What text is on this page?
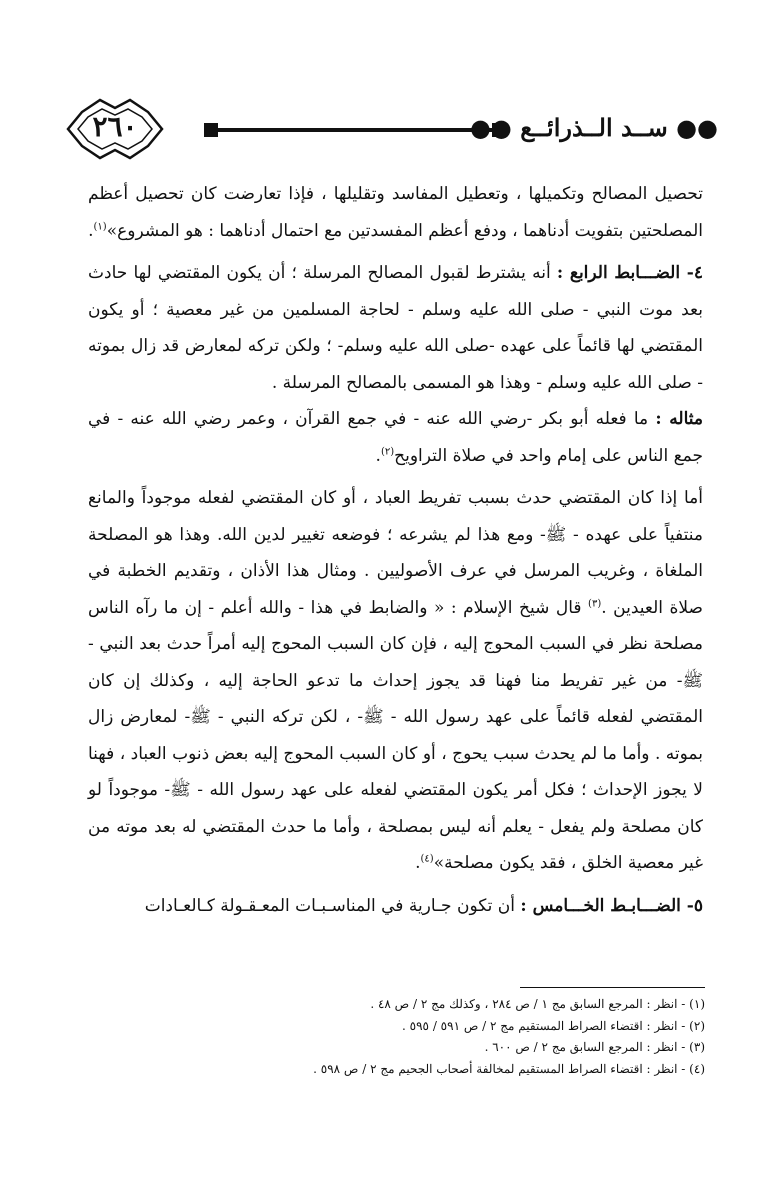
٢٦٠	●● ســد الــذرائــع ●●

تحصيل المصالح وتكميلها ، وتعطيل المفاسد وتقليلها ، فإذا تعارضت كان تحصيل أعظم المصلحتين بتفويت أدناهما ، ودفع أعظم المفسدتين مع احتمال أدناهما : هو المشروع»$^{(١)}$.

٤- الضـــابط الرابع : أنه يشترط لقبول المصالح المرسلة ؛ أن يكون المقتضي لها حادث بعد موت النبي - صلى الله عليه وسلم - لحاجة المسلمين من غير معصية ؛ أو يكون المقتضي لها قائماً على عهده -صلى الله عليه وسلم- ؛ ولكن تركه لمعارض قد زال بموته - صلى الله عليه وسلم - وهذا هو المسمى بالمصالح المرسلة .

مثاله : ما فعله أبو بكر -رضي الله عنه - في جمع القرآن ، وعمر رضي الله عنه - في جمع الناس على إمام واحد في صلاة التراويح$^{(٢)}$.

أما إذا كان المقتضي حدث بسبب تفريط العباد ، أو كان المقتضي لفعله موجوداً والمانع منتفياً على عهده - ﷺ- ومع هذا لم يشرعه ؛ فوضعه تغيير لدين الله. وهذا هو المصلحة الملغاة ، وغريب المرسل في عرف الأصوليين . ومثال هذا الأذان ، وتقديم الخطبة في صلاة العيدين .$^{(٣)}$ قال شيخ الإسلام : « والضابط في هذا - والله أعلم - إن ما رآه الناس مصلحة نظر في السبب المحوج إليه ، فإن كان السبب المحوج إليه أمراً حدث بعد النبي - ﷺ- من غير تفريط منا فهنا قد يجوز إحداث ما تدعو الحاجة إليه ، وكذلك إن كان المقتضي لفعله قائماً على عهد رسول الله - ﷺ- ، لكن تركه النبي - ﷺ- لمعارض زال بموته . وأما ما لم يحدث سبب يحوج ، أو كان السبب المحوج إليه بعض ذنوب العباد ، فهنا لا يجوز الإحداث ؛ فكل أمر يكون المقتضي لفعله على عهد رسول الله - ﷺ- موجوداً لو كان مصلحة ولم يفعل - يعلم أنه ليس بمصلحة ، وأما ما حدث المقتضي له بعد موته من غير معصية الخلق ، فقد يكون مصلحة»$^{(٤)}$.

٥- الضـــابـط الخـــامس : أن تكون جـارية في المناسـبـات المعـقـولة كـالعـادات

(١) - انظر : المرجع السابق مج ١ / ص ٢٨٤ ، وكذلك مج ٢ / ص ٤٨ .
(٢) - انظر : اقتضاء الصراط المستقيم مج ٢ / ص ٥٩١ / ٥٩٥ .
(٣) - انظر : المرجع السابق مج ٢ / ص ٦٠٠ .
(٤) - انظر : اقتضاء الصراط المستقيم لمخالفة أصحاب الجحيم مج ٢ / ص ٥٩٨ .
